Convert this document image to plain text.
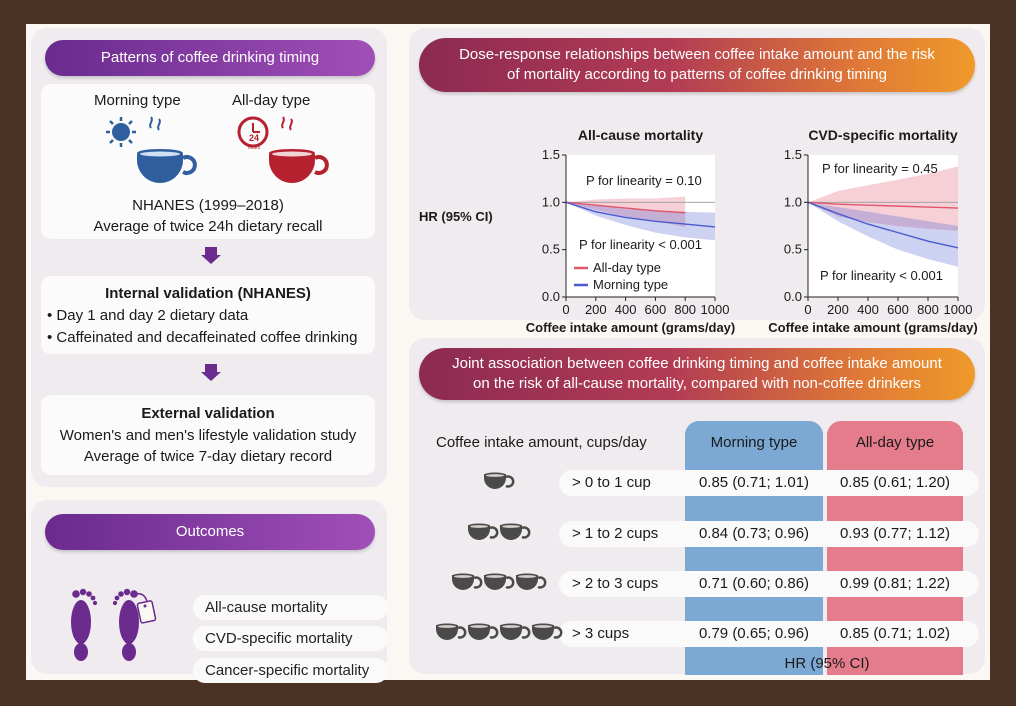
Patterns of coffee drinking timing
Morning type	All-day type
24
hours
NHANES (1999–2018)
Average of twice 24h dietary recall
Internal validation (NHANES)
• Day 1 and day 2 dietary data
• Caffeinated and decaffeinated coffee drinking
External validation
Women's and men's lifestyle validation study
Average of twice 7-day dietary record
Outcomes
All-cause mortality
CVD-specific mortality
Cancer-specific mortality
Dose-response relationships between coffee intake amount and the risk
of mortality according to patterns of coffee drinking timing
HR (95% CI)
All-cause mortality
0.0
0.5
1.0
1.5
0 200 400 600 800 1000
Coffee intake amount (grams/day)
P for linearity = 0.10
P for linearity < 0.001
All-day type
Morning type
CVD-specific mortality
0.0
0.5
1.0
1.5
0 200 400 600 800 1000
Coffee intake amount (grams/day)
P for linearity = 0.45
P for linearity < 0.001
Joint association between coffee drinking timing and coffee intake amount
on the risk of all-cause mortality, compared with non-coffee drinkers
Coffee intake amount, cups/day	Morning type	All-day type
> 0 to 1 cup	0.85 (0.71; 1.01)	0.85 (0.61; 1.20)
> 1 to 2 cups	0.84 (0.73; 0.96)	0.93 (0.77; 1.12)
> 2 to 3 cups	0.71 (0.60; 0.86)	0.99 (0.81; 1.22)
> 3 cups	0.79 (0.65; 0.96)	0.85 (0.71; 1.02)
HR (95% CI)
